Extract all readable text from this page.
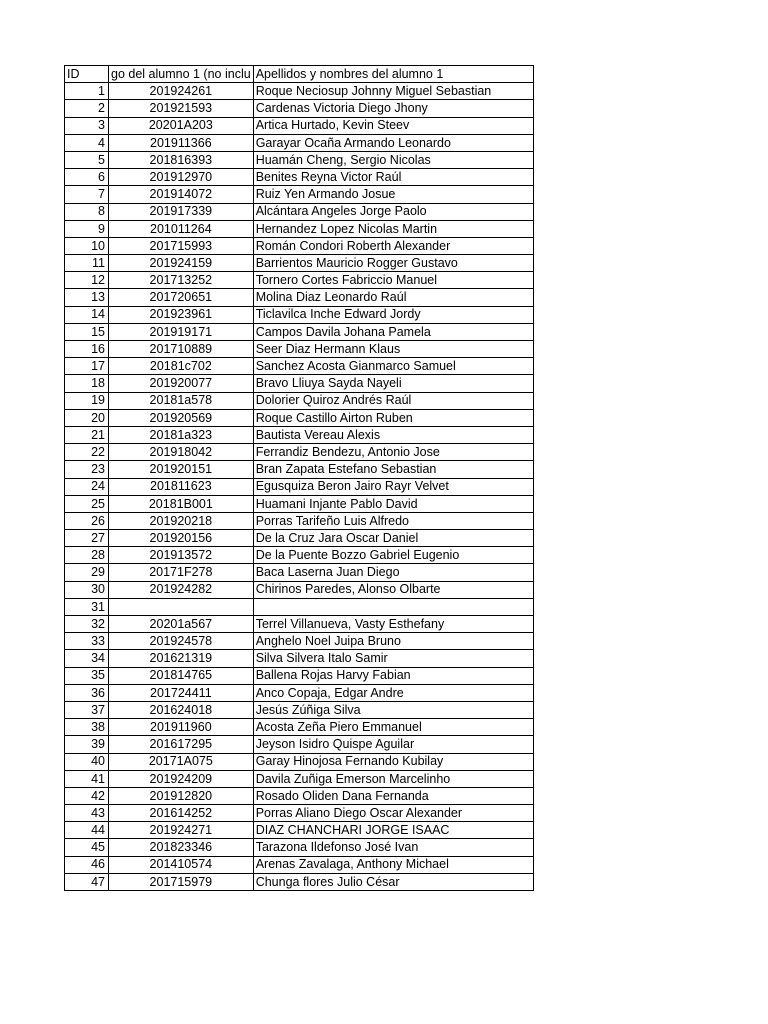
ID	go del alumno 1 (no inclu	Apellidos y nombres del alumno 1
1	201924261	Roque Neciosup Johnny Miguel Sebastian
2	201921593	Cardenas Victoria Diego Jhony
3	20201A203	Artica Hurtado, Kevin Steev
4	201911366	Garayar Ocaña Armando Leonardo
5	201816393	Huamán Cheng, Sergio Nicolas
6	201912970	Benites Reyna Victor Raúl
7	201914072	Ruiz Yen Armando Josue
8	201917339	Alcántara Angeles Jorge Paolo
9	201011264	Hernandez Lopez Nicolas Martin
10	201715993	Román Condori Roberth Alexander
11	201924159	Barrientos Mauricio Rogger Gustavo
12	201713252	Tornero Cortes Fabriccio Manuel
13	201720651	Molina Diaz Leonardo Raúl
14	201923961	Ticlavilca Inche Edward Jordy
15	201919171	Campos Davila Johana Pamela
16	201710889	Seer Diaz Hermann Klaus
17	20181c702	Sanchez Acosta Gianmarco Samuel
18	201920077	Bravo Lliuya Sayda Nayeli
19	20181a578	Dolorier Quiroz Andrés Raúl
20	201920569	Roque Castillo Airton Ruben
21	20181a323	Bautista Vereau Alexis
22	201918042	Ferrandiz Bendezu, Antonio Jose
23	201920151	Bran Zapata Estefano Sebastian
24	201811623	Egusquiza Beron Jairo Rayr Velvet
25	20181B001	Huamani Injante Pablo David
26	201920218	Porras Tarifeño Luis Alfredo
27	201920156	De la Cruz Jara Oscar Daniel
28	201913572	De la Puente Bozzo Gabriel Eugenio
29	20171F278	Baca Laserna Juan Diego
30	201924282	Chirinos Paredes, Alonso Olbarte
31		
32	20201a567	Terrel Villanueva, Vasty Esthefany
33	201924578	Anghelo Noel Juipa Bruno
34	201621319	Silva Silvera Italo Samir
35	201814765	Ballena Rojas Harvy Fabian
36	201724411	Anco Copaja, Edgar Andre
37	201624018	Jesús Zúñiga Silva
38	201911960	Acosta Zeña Piero Emmanuel
39	201617295	Jeyson Isidro Quispe Aguilar
40	20171A075	Garay Hinojosa Fernando Kubilay
41	201924209	Davila Zuñiga Emerson Marcelinho
42	201912820	Rosado Oliden Dana Fernanda
43	201614252	Porras Aliano Diego Oscar Alexander
44	201924271	DIAZ CHANCHARI JORGE ISAAC
45	201823346	Tarazona Ildefonso José Ivan
46	201410574	Arenas Zavalaga, Anthony Michael
47	201715979	Chunga flores Julio César
